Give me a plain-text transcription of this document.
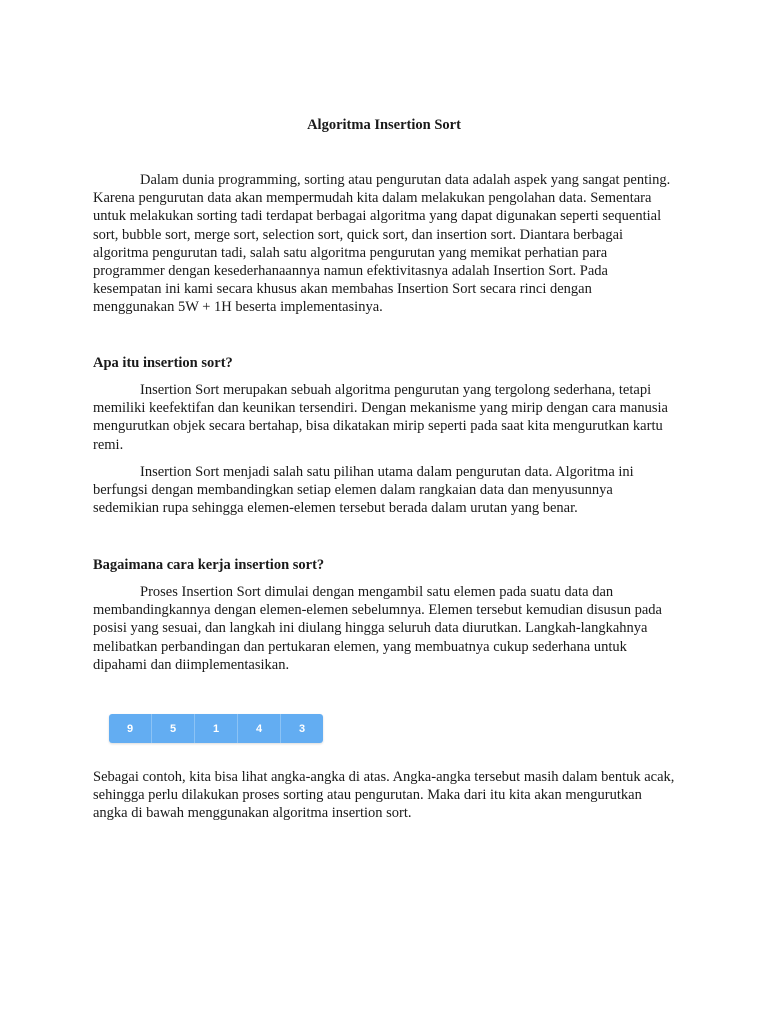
Algoritma Insertion Sort

Dalam dunia programming, sorting atau pengurutan data adalah aspek yang sangat penting. Karena pengurutan data akan mempermudah kita dalam melakukan pengolahan data. Sementara untuk melakukan sorting tadi terdapat berbagai algoritma yang dapat digunakan seperti sequential sort, bubble sort, merge sort, selection sort, quick sort, dan insertion sort. Diantara berbagai algoritma pengurutan tadi, salah satu algoritma pengurutan yang memikat perhatian para programmer dengan kesederhanaannya namun efektivitasnya adalah Insertion Sort. Pada kesempatan ini kami secara khusus akan membahas Insertion Sort secara rinci dengan menggunakan 5W + 1H beserta implementasinya.

Apa itu insertion sort?

Insertion Sort merupakan sebuah algoritma pengurutan yang tergolong sederhana, tetapi memiliki keefektifan dan keunikan tersendiri. Dengan mekanisme yang mirip dengan cara manusia mengurutkan objek secara bertahap, bisa dikatakan mirip seperti pada saat kita mengurutkan kartu remi.

Insertion Sort menjadi salah satu pilihan utama dalam pengurutan data. Algoritma ini berfungsi dengan membandingkan setiap elemen dalam rangkaian data dan menyusunnya sedemikian rupa sehingga elemen-elemen tersebut berada dalam urutan yang benar.

Bagaimana cara kerja insertion sort?

Proses Insertion Sort dimulai dengan mengambil satu elemen pada suatu data dan membandingkannya dengan elemen-elemen sebelumnya. Elemen tersebut kemudian disusun pada posisi yang sesuai, dan langkah ini diulang hingga seluruh data diurutkan. Langkah-langkahnya melibatkan perbandingan dan pertukaran elemen, yang membuatnya cukup sederhana untuk dipahami dan diimplementasikan.

Sebagai contoh, kita bisa lihat angka-angka di atas. Angka-angka tersebut masih dalam bentuk acak, sehingga perlu dilakukan proses sorting atau pengurutan. Maka dari itu kita akan mengurutkan angka di bawah menggunakan algoritma insertion sort.

9	5	1	4	3
